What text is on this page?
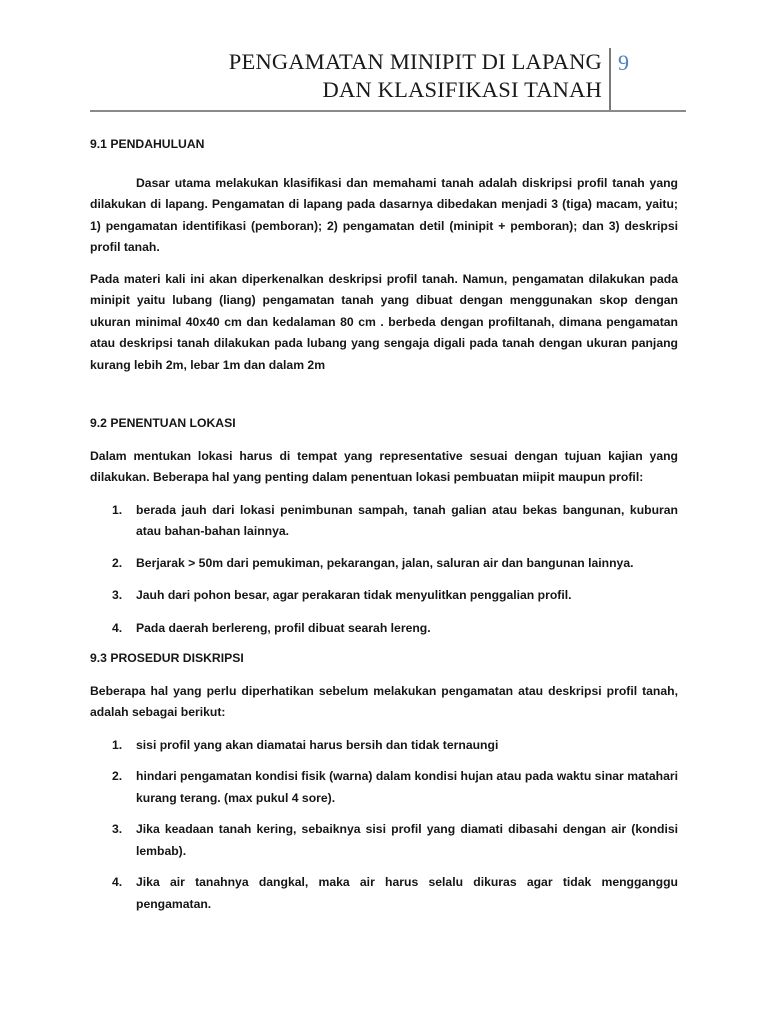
PENGAMATAN MINIPIT DI LAPANG
DAN KLASIFIKASI TANAH
9

9.1 PENDAHULUAN

Dasar utama melakukan klasifikasi dan memahami tanah adalah diskripsi profil tanah yang dilakukan di lapang. Pengamatan di lapang pada dasarnya dibedakan menjadi 3 (tiga) macam, yaitu; 1) pengamatan identifikasi (pemboran); 2) pengamatan detil (minipit + pemboran); dan 3) deskripsi profil tanah.

Pada materi kali ini akan diperkenalkan deskripsi profil tanah. Namun, pengamatan dilakukan pada minipit yaitu lubang (liang) pengamatan tanah yang dibuat dengan menggunakan skop dengan ukuran minimal 40x40 cm dan kedalaman 80 cm . berbeda dengan profiltanah, dimana pengamatan atau deskripsi tanah dilakukan pada lubang yang sengaja digali pada tanah dengan ukuran panjang kurang lebih 2m, lebar 1m dan dalam 2m

9.2 PENENTUAN LOKASI

Dalam mentukan lokasi harus di tempat yang representative sesuai dengan tujuan kajian yang dilakukan. Beberapa hal yang penting dalam penentuan lokasi pembuatan miipit maupun profil:

1. berada jauh dari lokasi penimbunan sampah, tanah galian atau bekas bangunan, kuburan atau bahan-bahan lainnya.
2. Berjarak > 50m dari pemukiman, pekarangan, jalan, saluran air dan bangunan lainnya.
3. Jauh dari pohon besar, agar perakaran tidak menyulitkan penggalian profil.
4. Pada daerah berlereng, profil dibuat searah lereng.

9.3 PROSEDUR DISKRIPSI

Beberapa hal yang perlu diperhatikan sebelum melakukan pengamatan atau deskripsi profil tanah, adalah sebagai berikut:

1. sisi profil yang akan diamatai harus bersih dan tidak ternaungi
2. hindari pengamatan kondisi fisik (warna) dalam kondisi hujan atau pada waktu sinar matahari kurang terang. (max pukul 4 sore).
3. Jika keadaan tanah kering, sebaiknya sisi profil yang diamati dibasahi dengan air (kondisi lembab).
4. Jika air tanahnya dangkal, maka air harus selalu dikuras agar tidak mengganggu pengamatan.
